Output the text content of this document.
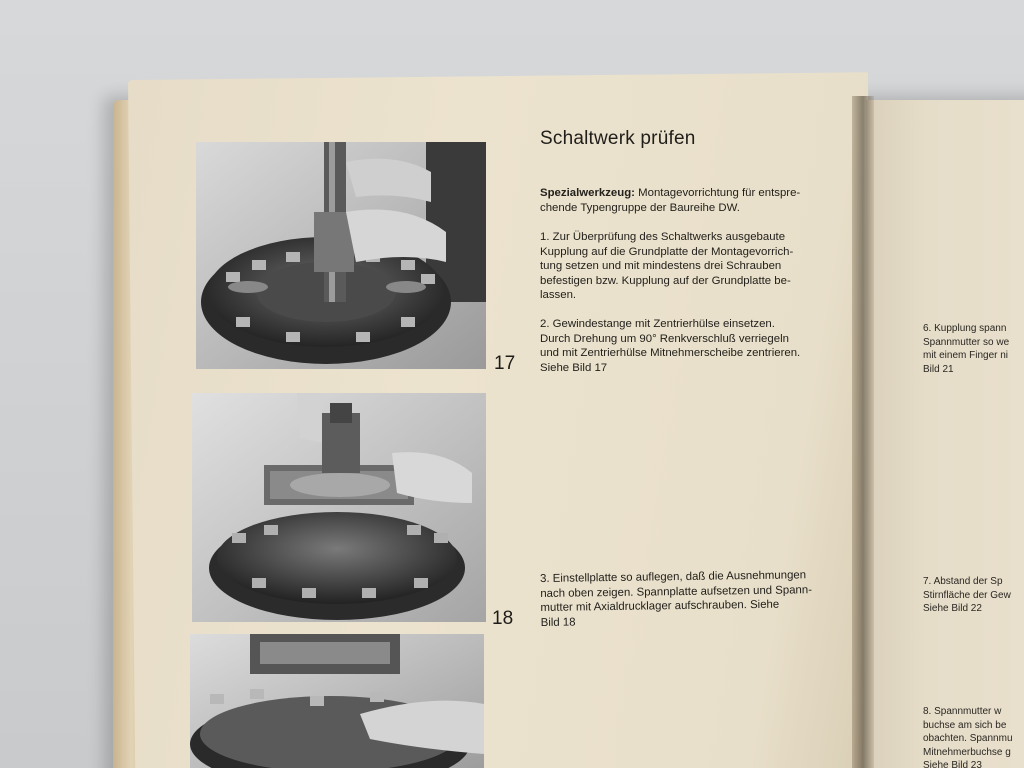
17
18
Schaltwerk prüfen
Spezialwerkzeug: Montagevorrichtung für entspre-
chende Typengruppe der Baureihe DW.
1. Zur Überprüfung des Schaltwerks ausgebaute
Kupplung auf die Grundplatte der Montagevorrich-
tung setzen und mit mindestens drei Schrauben
befestigen bzw. Kupplung auf der Grundplatte be-
lassen.
2. Gewindestange mit Zentrierhülse einsetzen.
Durch Drehung um 90° Renkverschluß verriegeln
und mit Zentrierhülse Mitnehmerscheibe zentrieren.
Siehe Bild 17
3. Einstellplatte so auflegen, daß die Ausnehmungen
nach oben zeigen. Spannplatte aufsetzen und Spann-
mutter mit Axialdrucklager aufschrauben. Siehe
Bild 18
6. Kupplung spann
Spannmutter so we
mit einem Finger ni
Bild 21
7. Abstand der Sp
Stirnfläche der Gew
Siehe Bild 22
8. Spannmutter w
buchse am sich be
obachten. Spannmu
Mitnehmerbuchse g
Siehe Bild 23
